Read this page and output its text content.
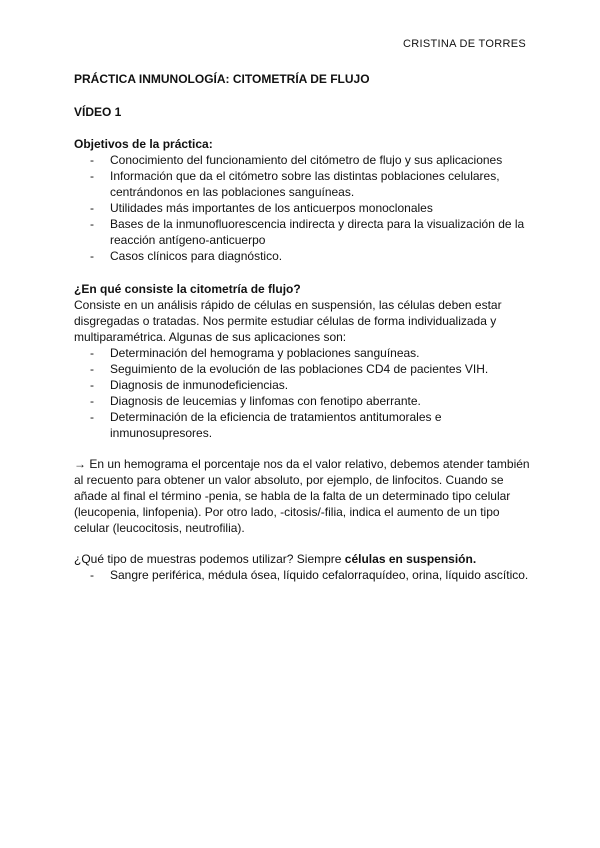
CRISTINA DE TORRES
PRÁCTICA INMUNOLOGÍA: CITOMETRÍA DE FLUJO
VÍDEO 1
Objetivos de la práctica:
- Conocimiento del funcionamiento del citómetro de flujo y sus aplicaciones
- Información que da el citómetro sobre las distintas poblaciones celulares, centrándonos en las poblaciones sanguíneas.
- Utilidades más importantes de los anticuerpos monoclonales
- Bases de la inmunofluorescencia indirecta y directa para la visualización de la reacción antígeno-anticuerpo
- Casos clínicos para diagnóstico.
¿En qué consiste la citometría de flujo?

Consiste en un análisis rápido de células en suspensión, las células deben estar disgregadas o tratadas. Nos permite estudiar células de forma individualizada y multiparamétrica. Algunas de sus aplicaciones son:

- Determinación del hemograma y poblaciones sanguíneas.
- Seguimiento de la evolución de las poblaciones CD4 de pacientes VIH.
- Diagnosis de inmunodeficiencias.
- Diagnosis de leucemias y linfomas con fenotipo aberrante.
- Determinación de la eficiencia de tratamientos antitumorales e inmunosupresores.

→ En un hemograma el porcentaje nos da el valor relativo, debemos atender también al recuento para obtener un valor absoluto, por ejemplo, de linfocitos. Cuando se añade al final el término -penia, se habla de la falta de un determinado tipo celular (leucopenia, linfopenia). Por otro lado, -citosis/-filia, indica el aumento de un tipo celular (leucocitosis, neutrofilia).

¿Qué tipo de muestras podemos utilizar? Siempre células en suspensión.

- Sangre periférica, médula ósea, líquido cefalorraquídeo, orina, líquido ascítico.
